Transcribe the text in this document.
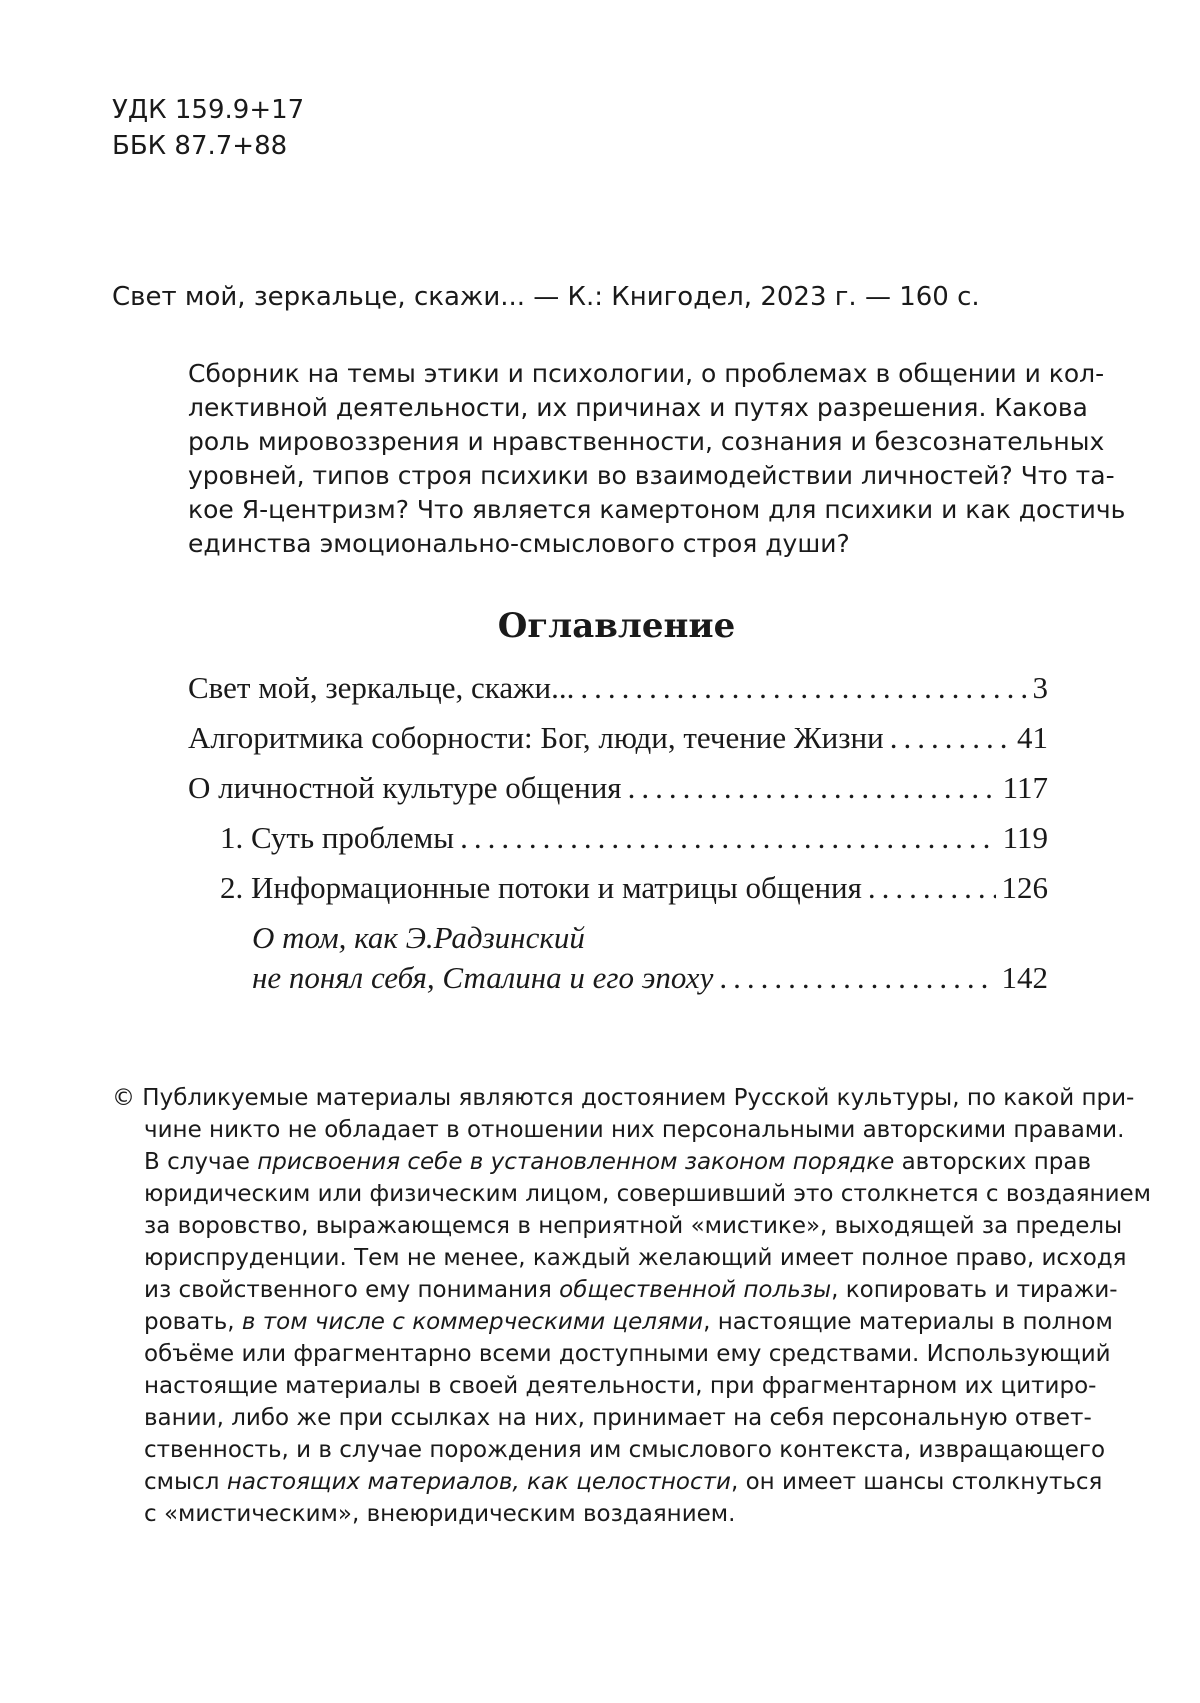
УДК 159.9+17
ББК 87.7+88
Свет мой, зеркальце, скажи... — К.: Книгодел, 2023 г. — 160 с.
Сборник на темы этики и психологии, о проблемах в общении и кол-
лективной деятельности, их причинах и путях разрешения. Какова
роль мировоззрения и нравственности, сознания и безсознательных
уровней, типов строя психики во взаимодействии личностей? Что та-
кое Я-центризм? Что является камертоном для психики и как достичь
единства эмоционально-смыслового строя души?
Оглавление
Свет мой, зеркальце, скажи... .....	3
Алгоритмика соборности: Бог, люди, течение Жизни .....	41
О личностной культуре общения .....	117
1. Суть проблемы .....	119
2. Информационные потоки и матрицы общения .....	126
О том, как Э.Радзинский
не понял себя, Сталина и его эпоху .....	142
© Публикуемые материалы являются достоянием Русской культуры, по какой при-
чине никто не обладает в отношении них персональными авторскими правами.
В случае присвоения себе в установленном законом порядке авторских прав
юридическим или физическим лицом, совершивший это столкнется с воздаянием
за воровство, выражающемся в неприятной «мистике», выходящей за пределы
юриспруденции. Тем не менее, каждый желающий имеет полное право, исходя
из свойственного ему понимания общественной пользы, копировать и тиражи-
ровать, в том числе с коммерческими целями, настоящие материалы в полном
объёме или фрагментарно всеми доступными ему средствами. Использующий
настоящие материалы в своей деятельности, при фрагментарном их цитиро-
вании, либо же при ссылках на них, принимает на себя персональную ответ-
ственность, и в случае порождения им смыслового контекста, извращающего
смысл настоящих материалов, как целостности, он имеет шансы столкнуться
с «мистическим», внеюридическим воздаянием.
